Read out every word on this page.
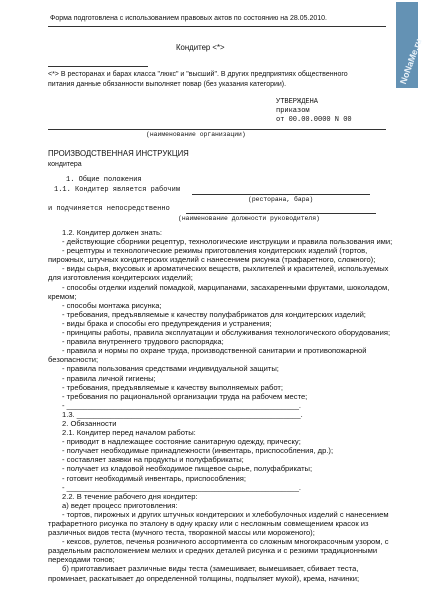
Форма подготовлена с использованием правовых актов по состоянию на 28.05.2010.
Кондитер <*>
<*> В ресторанах и барах класса "люкс" и "высший". В других предприятиях общественного
питания данные обязанности выполняет повар (без указания категории).
УТВЕРЖДЕНА
приказом
от 00.00.0000 N 00
(наименование организации)
ПРОИЗВОДСТВЕННАЯ ИНСТРУКЦИЯ
кондитера
1. Общие положения
1.1. Кондитер является рабочим
(ресторана, бара)
и подчиняется непосредственно
(наименование должности руководителя)
1.2. Кондитер должен знать:
- действующие сборники рецептур, технологические инструкции и правила пользования ими;
- рецептуры и технологические режимы приготовления кондитерских изделий (тортов,
пирожных, штучных кондитерских изделий с нанесением рисунка (трафаретного, сложного);
- виды сырья, вкусовых и ароматических веществ, рыхлителей и красителей, используемых
для изготовления кондитерских изделий;
- способы отделки изделий помадкой, марципанами, засахаренными фруктами, шоколадом,
кремом;
- способы монтажа рисунка;
- требования, предъявляемые к качеству полуфабрикатов для кондитерских изделий;
- виды брака и способы его предупреждения и устранения;
- принципы работы, правила эксплуатации и обслуживания технологического оборудования;
- правила внутреннего трудового распорядка;
- правила и нормы по охране труда, производственной санитарии и противопожарной
безопасности;
- правила пользования средствами индивидуальной защиты;
- правила личной гигиены;
- требования, предъявляемые к качеству выполняемых работ;
- требования по рациональной организации труда на рабочем месте;
- _______________________________________________________.
1.3. _____________________________________________________.
2. Обязанности
2.1. Кондитер перед началом работы:
- приводит в надлежащее состояние санитарную одежду, прическу;
- получает необходимые принадлежности (инвентарь, приспособления, др.);
- составляет заявки на продукты и полуфабрикаты;
- получает из кладовой необходимое пищевое сырье, полуфабрикаты;
- готовит необходимый инвентарь, приспособления;
- _______________________________________________________.
2.2. В течение рабочего дня кондитер:
а) ведет процесс приготовления:
- тортов, пирожных и других штучных кондитерских и хлебобулочных изделий с нанесением
трафаретного рисунка по эталону в одну краску или с несложным совмещением красок из
различных видов теста (мучного теста, творожной массы или мороженого);
- кексов, рулетов, печенья розничного ассортимента со сложным многокрасочным узором, с
раздельным расположением мелких и средних деталей рисунка и с резкими традиционными
переходами тонов;
б) приготавливает различные виды теста (замешивает, вымешивает, сбивает теста,
проминает, раскатывает до определенной толщины, подпыляет мукой), крема, начинки;
NoNaMe.ru
